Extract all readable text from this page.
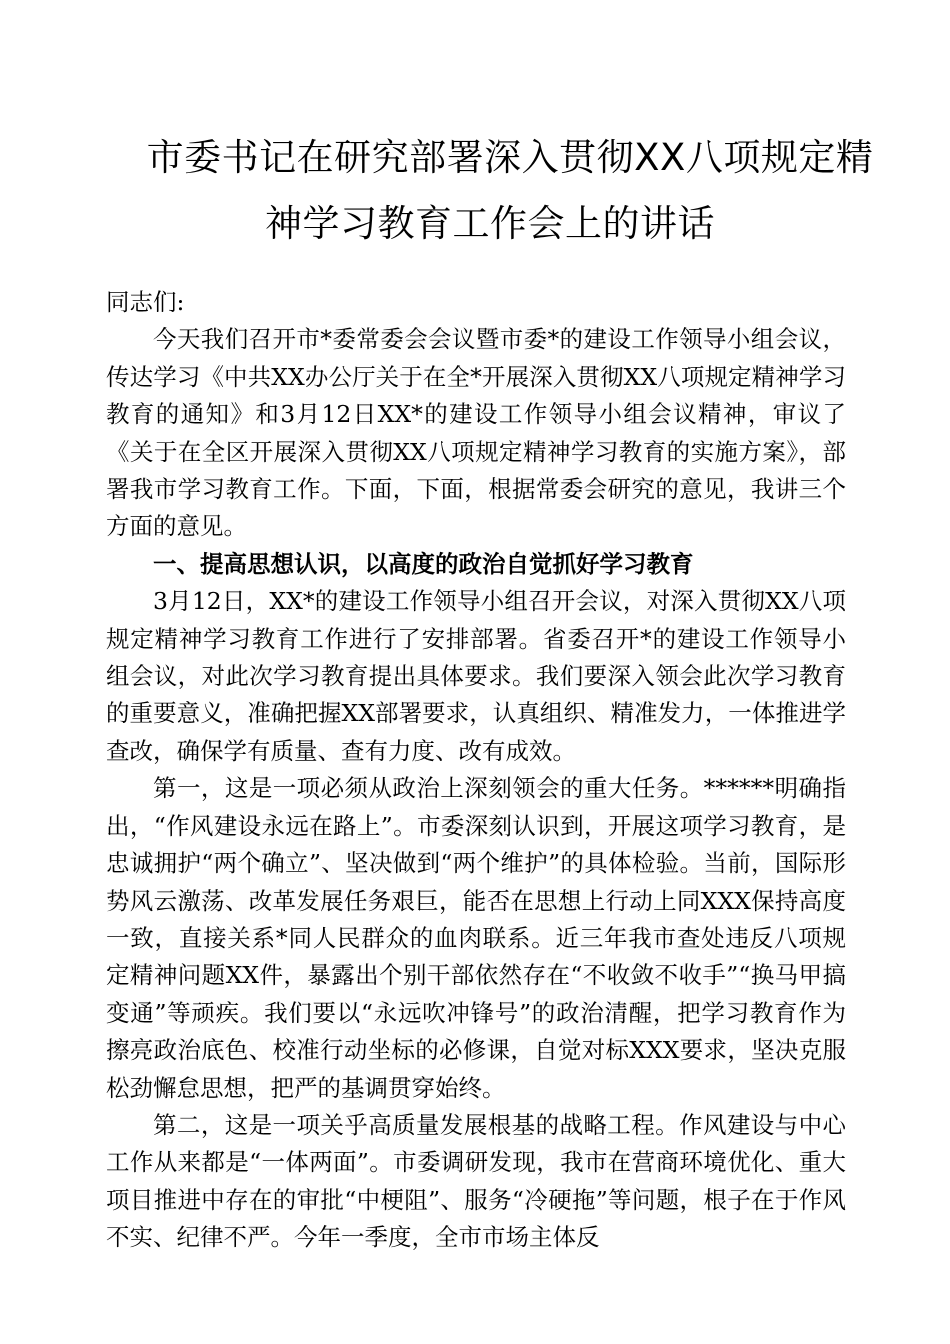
市委书记在研究部署深入贯彻XX八项规定精
神学习教育工作会上的讲话

同志们:

今天我们召开市*委常委会会议暨市委*的建设工作领导小组会议，传达学习《中共XX办公厅关于在全*开展深入贯彻XX八项规定精神学习教育的通知》和3月12日XX*的建设工作领导小组会议精神，审议了《关于在全区开展深入贯彻XX八项规定精神学习教育的实施方案》，部署我市学习教育工作。下面，下面，根据常委会研究的意见，我讲三个方面的意见。

一、提高思想认识，以高度的政治自觉抓好学习教育

3月12日，XX*的建设工作领导小组召开会议，对深入贯彻XX八项规定精神学习教育工作进行了安排部署。省委召开*的建设工作领导小组会议，对此次学习教育提出具体要求。我们要深入领会此次学习教育的重要意义，准确把握XX部署要求，认真组织、精准发力，一体推进学查改，确保学有质量、查有力度、改有成效。

第一，这是一项必须从政治上深刻领会的重大任务。******明确指出，“作风建设永远在路上”。市委深刻认识到，开展这项学习教育，是忠诚拥护“两个确立”、坚决做到“两个维护”的具体检验。当前，国际形势风云激荡、改革发展任务艰巨，能否在思想上行动上同XXX保持高度一致，直接关系*同人民群众的血肉联系。近三年我市查处违反八项规定精神问题XX件，暴露出个别干部依然存在“不收敛不收手”“换马甲搞变通”等顽疾。我们要以“永远吹冲锋号”的政治清醒，把学习教育作为擦亮政治底色、校准行动坐标的必修课，自觉对标XXX要求，坚决克服松劲懈怠思想，把严的基调贯穿始终。

第二，这是一项关乎高质量发展根基的战略工程。作风建设与中心工作从来都是“一体两面”。市委调研发现，我市在营商环境优化、重大项目推进中存在的审批“中梗阻”、服务“冷硬拖”等问题，根子在于作风不实、纪律不严。今年一季度，全市市场主体反
